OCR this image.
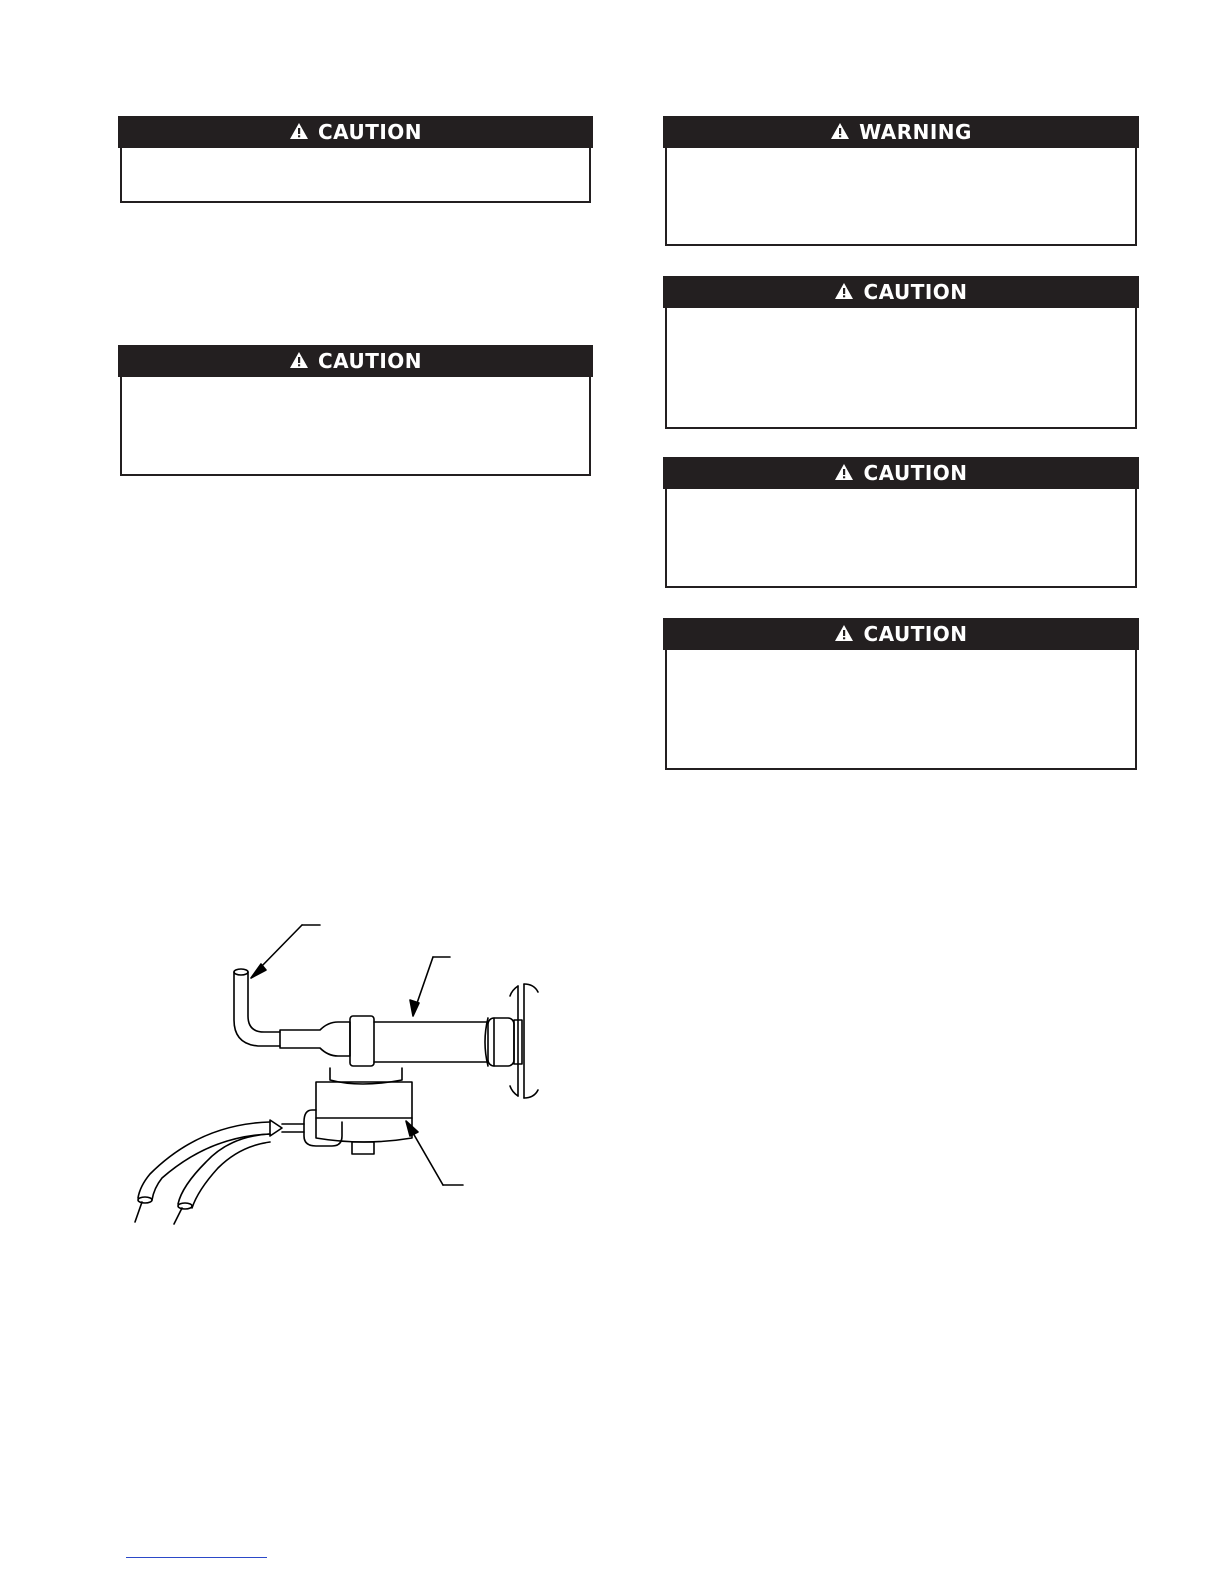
CAUTION
CAUTION
WARNING
CAUTION
CAUTION
CAUTION
